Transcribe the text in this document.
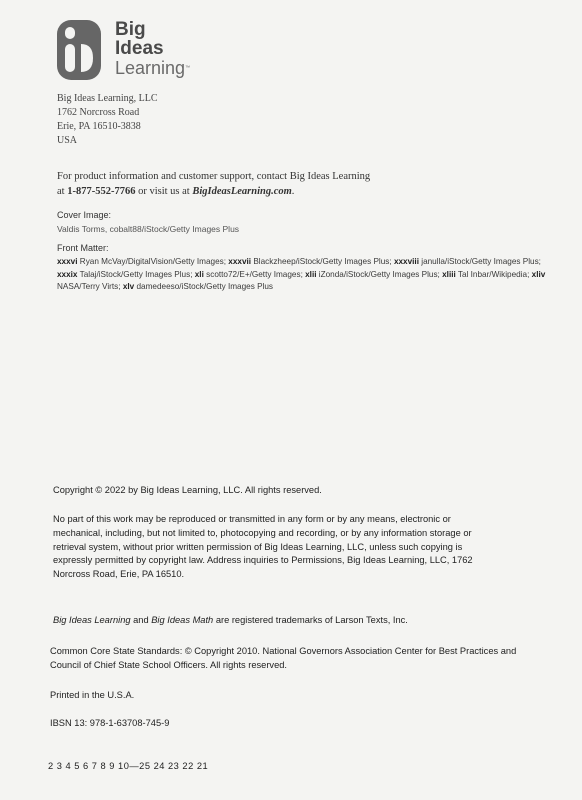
Big
Ideas
Learning™
Big Ideas Learning, LLC
1762 Norcross Road
Erie, PA 16510-3838
USA
For product information and customer support, contact Big Ideas Learning
at 1-877-552-7766 or visit us at BigIdeasLearning.com.
Cover Image:
Valdis Torms, cobalt88/iStock/Getty Images Plus
Front Matter:
xxxvi Ryan McVay/DigitalVision/Getty Images; xxxvii Blackzheep/iStock/Getty Images Plus; xxxviii janulla/iStock/Getty Images Plus; xxxix Talaj/iStock/Getty Images Plus; xli scotto72/E+/Getty Images; xlii iZonda/iStock/Getty Images Plus; xliii Tal Inbar/Wikipedia; xliv NASA/Terry Virts; xlv damedeeso/iStock/Getty Images Plus
Copyright © 2022 by Big Ideas Learning, LLC. All rights reserved.
No part of this work may be reproduced or transmitted in any form or by any means, electronic or mechanical, including, but not limited to, photocopying and recording, or by any information storage or retrieval system, without prior written permission of Big Ideas Learning, LLC, unless such copying is expressly permitted by copyright law. Address inquiries to Permissions, Big Ideas Learning, LLC, 1762 Norcross Road, Erie, PA 16510.
Big Ideas Learning and Big Ideas Math are registered trademarks of Larson Texts, Inc.
Common Core State Standards: © Copyright 2010. National Governors Association Center for Best Practices and Council of Chief State School Officers. All rights reserved.
Printed in the U.S.A.
IBSN 13: 978-1-63708-745-9
2 3 4 5 6 7 8 9 10—25 24 23 22 21
